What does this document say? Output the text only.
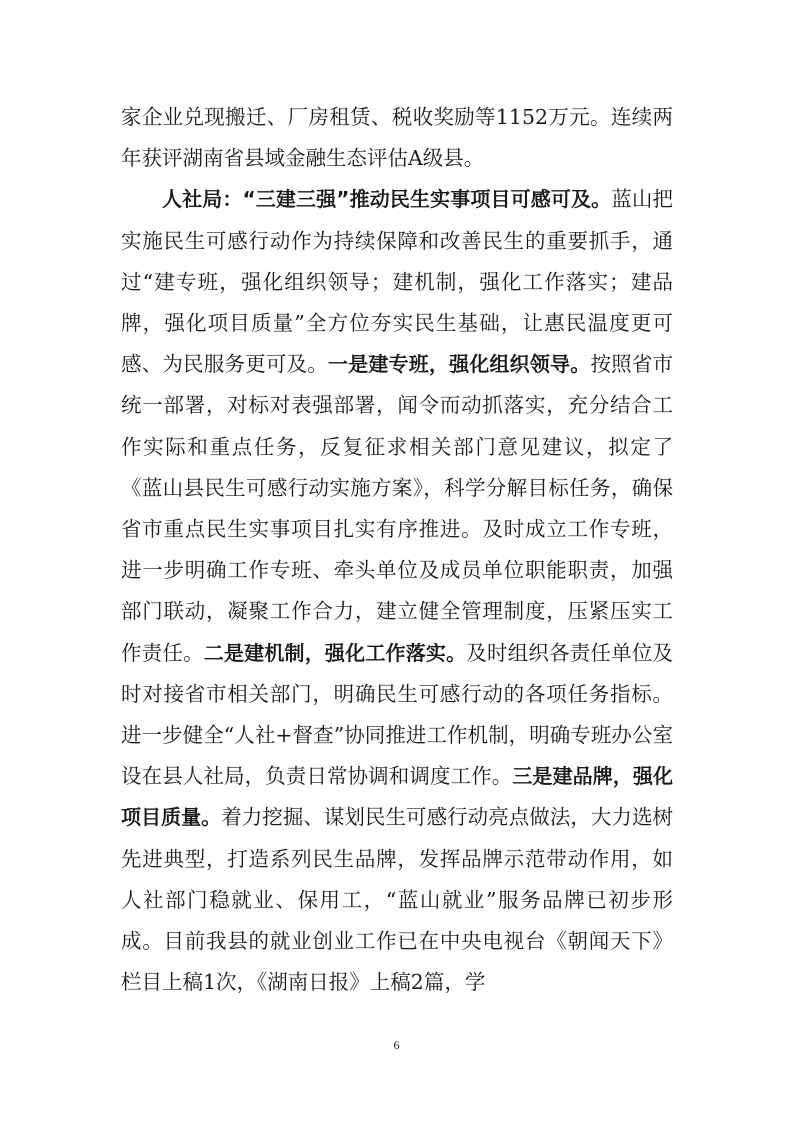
家企业兑现搬迁、厂房租赁、税收奖励等1152万元。连续两年获评湖南省县域金融生态评估A级县。

人社局：“三建三强”推动民生实事项目可感可及。蓝山把实施民生可感行动作为持续保障和改善民生的重要抓手，通过“建专班，强化组织领导；建机制，强化工作落实；建品牌，强化项目质量”全方位夯实民生基础，让惠民温度更可感、为民服务更可及。一是建专班，强化组织领导。按照省市统一部署，对标对表强部署，闻令而动抓落实，充分结合工作实际和重点任务，反复征求相关部门意见建议，拟定了《蓝山县民生可感行动实施方案》，科学分解目标任务，确保省市重点民生实事项目扎实有序推进。及时成立工作专班，进一步明确工作专班、牵头单位及成员单位职能职责，加强部门联动，凝聚工作合力，建立健全管理制度，压紧压实工作责任。二是建机制，强化工作落实。及时组织各责任单位及时对接省市相关部门，明确民生可感行动的各项任务指标。进一步健全“人社+督查”协同推进工作机制，明确专班办公室设在县人社局，负责日常协调和调度工作。三是建品牌，强化项目质量。着力挖掘、谋划民生可感行动亮点做法，大力选树先进典型，打造系列民生品牌，发挥品牌示范带动作用，如人社部门稳就业、保用工，“蓝山就业”服务品牌已初步形成。目前我县的就业创业工作已在中央电视台《朝闻天下》栏目上稿1次，《湖南日报》上稿2篇，学

6
